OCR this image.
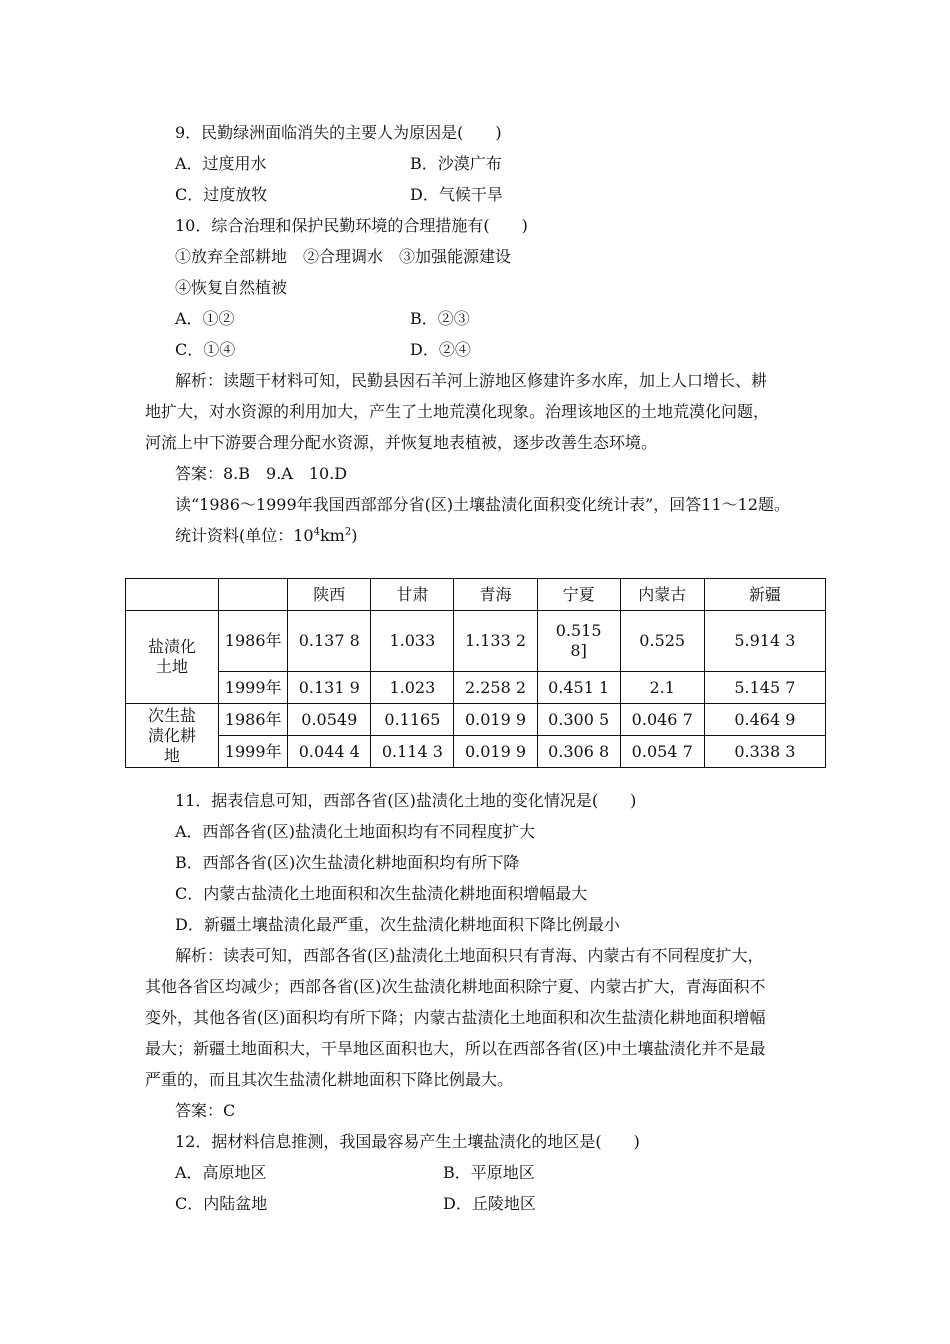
9．民勤绿洲面临消失的主要人为原因是(　　)
A．过度用水	B．沙漠广布
C．过度放牧	D．气候干旱
10．综合治理和保护民勤环境的合理措施有(　　)
①放弃全部耕地　②合理调水　③加强能源建设
④恢复自然植被
A．①②	B．②③
C．①④	D．②④
解析：读题干材料可知，民勤县因石羊河上游地区修建许多水库，加上人口增长、耕
地扩大，对水资源的利用加大，产生了土地荒漠化现象。治理该地区的土地荒漠化问题，
河流上中下游要合理分配水资源，并恢复地表植被，逐步改善生态环境。
答案：8.B　9.A　10.D
读“1986～1999年我国西部部分省(区)土壤盐渍化面积变化统计表”，回答11～12题。
统计资料(单位：$10^4km^2$)
		陕西	甘肃	青海	宁夏	内蒙古	新疆
盐渍化土地	1986年	0.137 8	1.033	1.133 2	0.515 8]	0.525	5.914 3
	1999年	0.131 9	1.023	2.258 2	0.451 1	2.1	5.145 7
次生盐渍化耕地	1986年	0.0549	0.1165	0.019 9	0.300 5	0.046 7	0.464 9
	1999年	0.044 4	0.114 3	0.019 9	0.306 8	0.054 7	0.338 3
11．据表信息可知，西部各省(区)盐渍化土地的变化情况是(　　)
A．西部各省(区)盐渍化土地面积均有不同程度扩大
B．西部各省(区)次生盐渍化耕地面积均有所下降
C．内蒙古盐渍化土地面积和次生盐渍化耕地面积增幅最大
D．新疆土壤盐渍化最严重，次生盐渍化耕地面积下降比例最小
解析：读表可知，西部各省(区)盐渍化土地面积只有青海、内蒙古有不同程度扩大，
其他各省区均减少；西部各省(区)次生盐渍化耕地面积除宁夏、内蒙古扩大，青海面积不
变外，其他各省(区)面积均有所下降；内蒙古盐渍化土地面积和次生盐渍化耕地面积增幅
最大；新疆土地面积大，干旱地区面积也大，所以在西部各省(区)中土壤盐渍化并不是最
严重的，而且其次生盐渍化耕地面积下降比例最大。
答案：C
12．据材料信息推测，我国最容易产生土壤盐渍化的地区是(　　)
A．高原地区	B．平原地区
C．内陆盆地	D．丘陵地区
